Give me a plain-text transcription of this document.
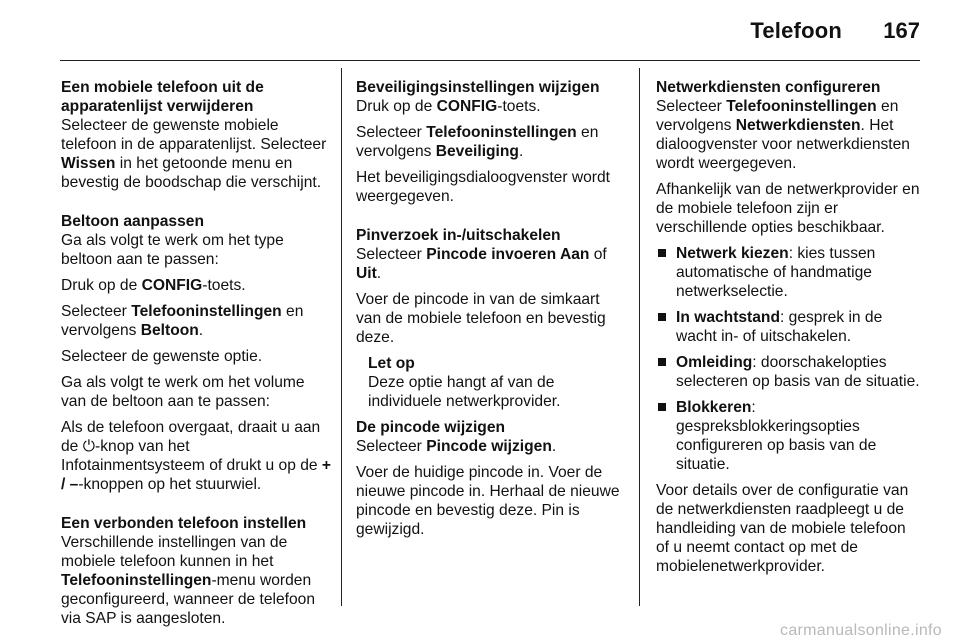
Telefoon 167

Een mobiele telefoon uit de apparatenlijst verwijderen

Selecteer de gewenste mobiele telefoon in de apparatenlijst. Selecteer Wissen in het getoonde menu en bevestig de boodschap die verschijnt.

Beltoon aanpassen

Ga als volgt te werk om het type beltoon aan te passen:

Druk op de CONFIG-toets.

Selecteer Telefooninstellingen en vervolgens Beltoon.

Selecteer de gewenste optie.

Ga als volgt te werk om het volume van de beltoon aan te passen:

Als de telefoon overgaat, draait u aan de ⏻-knop van het Infotainmentsysteem of drukt u op de + / –-knoppen op het stuurwiel.

Een verbonden telefoon instellen

Verschillende instellingen van de mobiele telefoon kunnen in het Telefooninstellingen-menu worden geconfigureerd, wanneer de telefoon via SAP is aangesloten.

Beveiligingsinstellingen wijzigen

Druk op de CONFIG-toets.

Selecteer Telefooninstellingen en vervolgens Beveiliging.

Het beveiligingsdialoogvenster wordt weergegeven.

Pinverzoek in-/uitschakelen

Selecteer Pincode invoeren Aan of Uit.

Voer de pincode in van de simkaart van de mobiele telefoon en bevestig deze.

Let op

Deze optie hangt af van de individuele netwerkprovider.

De pincode wijzigen

Selecteer Pincode wijzigen.

Voer de huidige pincode in. Voer de nieuwe pincode in. Herhaal de nieuwe pincode en bevestig deze. Pin is gewijzigd.

Netwerkdiensten configureren

Selecteer Telefooninstellingen en vervolgens Netwerkdiensten. Het dialoogvenster voor netwerkdiensten wordt weergegeven.

Afhankelijk van de netwerkprovider en de mobiele telefoon zijn er verschillende opties beschikbaar.

Netwerk kiezen: kies tussen automatische of handmatige netwerkselectie.
In wachtstand: gesprek in de wacht in- of uitschakelen.
Omleiding: doorschakelopties selecteren op basis van de situatie.
Blokkeren: gespreksblokkeringsopties configureren op basis van de situatie.

Voor details over de configuratie van de netwerkdiensten raadpleegt u de handleiding van de mobiele telefoon of u neemt contact op met de mobielenetwerkprovider.

carmanualsonline.info
